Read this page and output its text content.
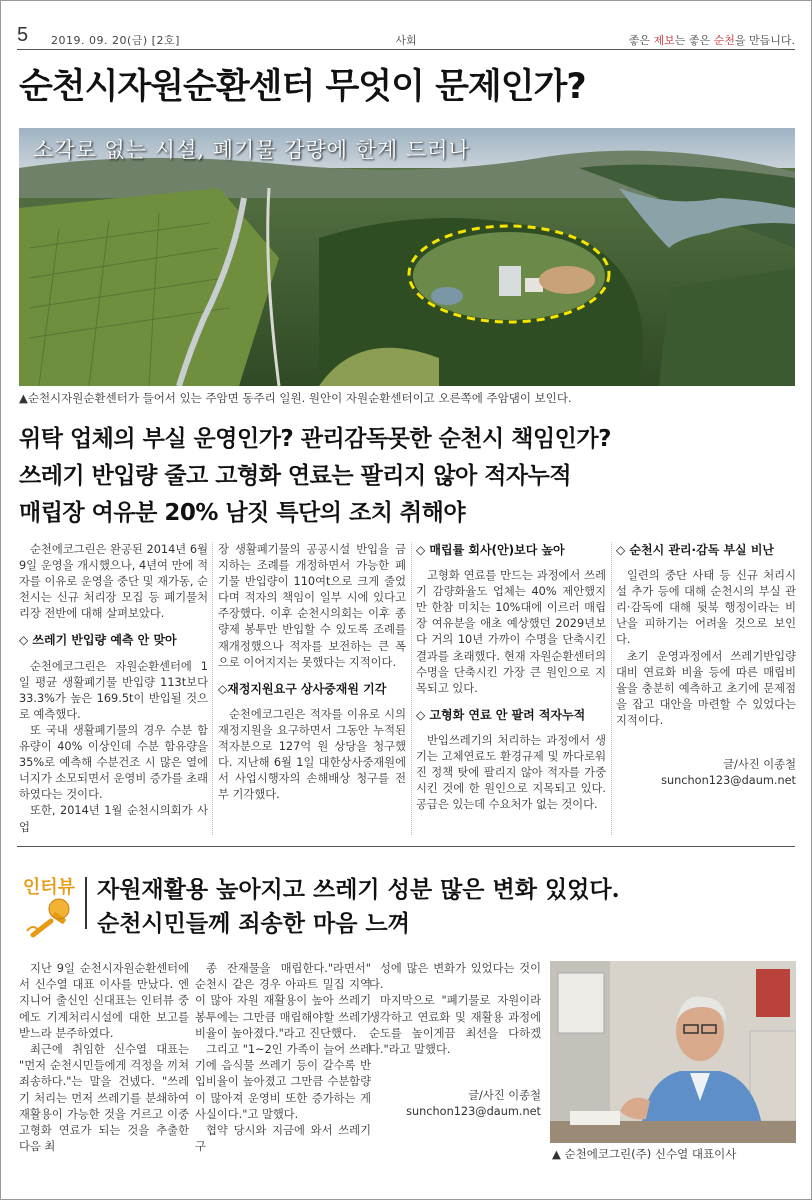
5 2019. 09. 20(금) [2호]	사회	좋은 제보는 좋은 순천을 만듭니다.
순천시자원순환센터 무엇이 문제인가?
소각로 없는 시설, 폐기물 감량에 한계 드러나
▲순천시자원순환센터가 들어서 있는 주암면 동주리 일원. 원안이 자원순환센터이고 오른쪽에 주암댐이 보인다.
위탁 업체의 부실 운영인가? 관리감독못한 순천시 책임인가?
쓰레기 반입량 줄고 고형화 연료는 팔리지 않아 적자누적
매립장 여유분 20% 남짓 특단의 조치 취해야

순천에코그린은 완공된 2014년 6월 9일 운영을 개시했으나, 4년여 만에 적자를 이유로 운영을 중단 및 재가동, 순천시는 신규 처리장 모집 등 폐기물처리장 전반에 대해 살펴보았다.

◇ 쓰레기 반입량 예측 안 맞아

순천에코그린은 자원순환센터에 1일 평균 생활폐기물 반입량 113t보다 33.3%가 높은 169.5t이 반입될 것으로 예측했다.

또 국내 생활폐기물의 경우 수분 함유량이 40% 이상인데 수분 함유량을 35%로 예측해 수분건조 시 많은 열에너지가 소모되면서 운영비 증가를 초래하였다는 것이다.

또한, 2014년 1월 순천시의회가 사업

장 생활폐기물의 공공시설 반입을 금지하는 조례를 개정하면서 가능한 폐기물 반입량이 110여t으로 크게 줄었다며 적자의 책임이 일부 시에 있다고 주장했다. 이후 순천시의회는 이후 종량제 봉투만 반입할 수 있도록 조례를 재개정했으나 적자를 보전하는 큰 폭으로 이어지지는 못했다는 지적이다.

◇재정지원요구 상사중재원 기각

순천에코그린은 적자를 이유로 시의 재정지원을 요구하면서 그동안 누적된 적자분으로 127억 원 상당을 청구했다. 지난해 6월 1일 대한상사중재원에서 사업시행자의 손해배상 청구를 전부 기각했다.

◇ 매립률 회사(안)보다 높아

고형화 연료를 만드는 과정에서 쓰레기 감량화율도 업체는 40% 제안했지만 한참 미치는 10%대에 이르러 매립장 여유분을 애초 예상했던 2029년보다 거의 10년 가까이 수명을 단축시킨 결과를 초래했다. 현재 자원순환센터의 수명을 단축시킨 가장 큰 원인으로 지목되고 있다.

◇ 고형화 연료 안 팔려 적자누적

반입쓰레기의 처리하는 과정에서 생기는 고체연료도 환경규제 및 까다로워진 정책 탓에 팔리지 않아 적자를 가중시킨 것에 한 원인으로 지목되고 있다. 공급은 있는데 수요처가 없는 것이다.

◇ 순천시 관리·감독 부실 비난

일련의 중단 사태 등 신규 처리시설 추가 등에 대해 순천시의 부실 관리·감독에 대해 뒷북 행정이라는 비난을 피하기는 어려울 것으로 보인다.

초기 운영과정에서 쓰레기반입량 대비 연료화 비율 등에 따른 매립비율을 충분히 예측하고 초기에 문제점을 잡고 대안을 마련할 수 있었다는 지적이다.

글/사진 이종철
sunchon123@daum.net
인터뷰 자원재활용 높아지고 쓰레기 성분 많은 변화 있었다.
순천시민들께 죄송한 마음 느껴

지난 9일 순천시자원순환센터에서 신수열 대표 이사를 만났다. 엔지니어 출신인 신대표는 인터뷰 중에도 기계처리시설에 대한 보고를 받느라 분주하였다.

최근에 취임한 신수열 대표는 "먼저 순천시민들에게 걱정을 끼쳐 죄송하다."는 말을 건넸다. "쓰레기 처리는 먼저 쓰레기를 분쇄하여 재활용이 가능한 것을 거르고 이중 고형화 연료가 되는 것을 추출한 다음 최

종 잔재물을 매립한다."라면서" 순천시 같은 경우 아파트 밀집 지역이 많아 자원 재활용이 높아 쓰레기봉투에는 그만큼 매립해야할 쓰레기 비율이 높아졌다."라고 진단했다.

그리고 "1~2인 가족이 늘어 쓰레기에 음식물 쓰레기 등이 갈수록 반입비율이 높아졌고 그만큼 수분함량이 많아져 운영비 또한 증가하는 게 사실이다."고 말했다.

협약 당시와 지금에 와서 쓰레기 구

성에 많은 변화가 있었다는 것이다.

마지막으로 "폐기물로 자원이라 생각하고 연료화 및 재활용 과정에 순도를 높이게끔 최선을 다하겠다."라고 말했다.

글/사진 이종철
sunchon123@daum.net
▲ 순천에코그린(주) 신수열 대표이사
